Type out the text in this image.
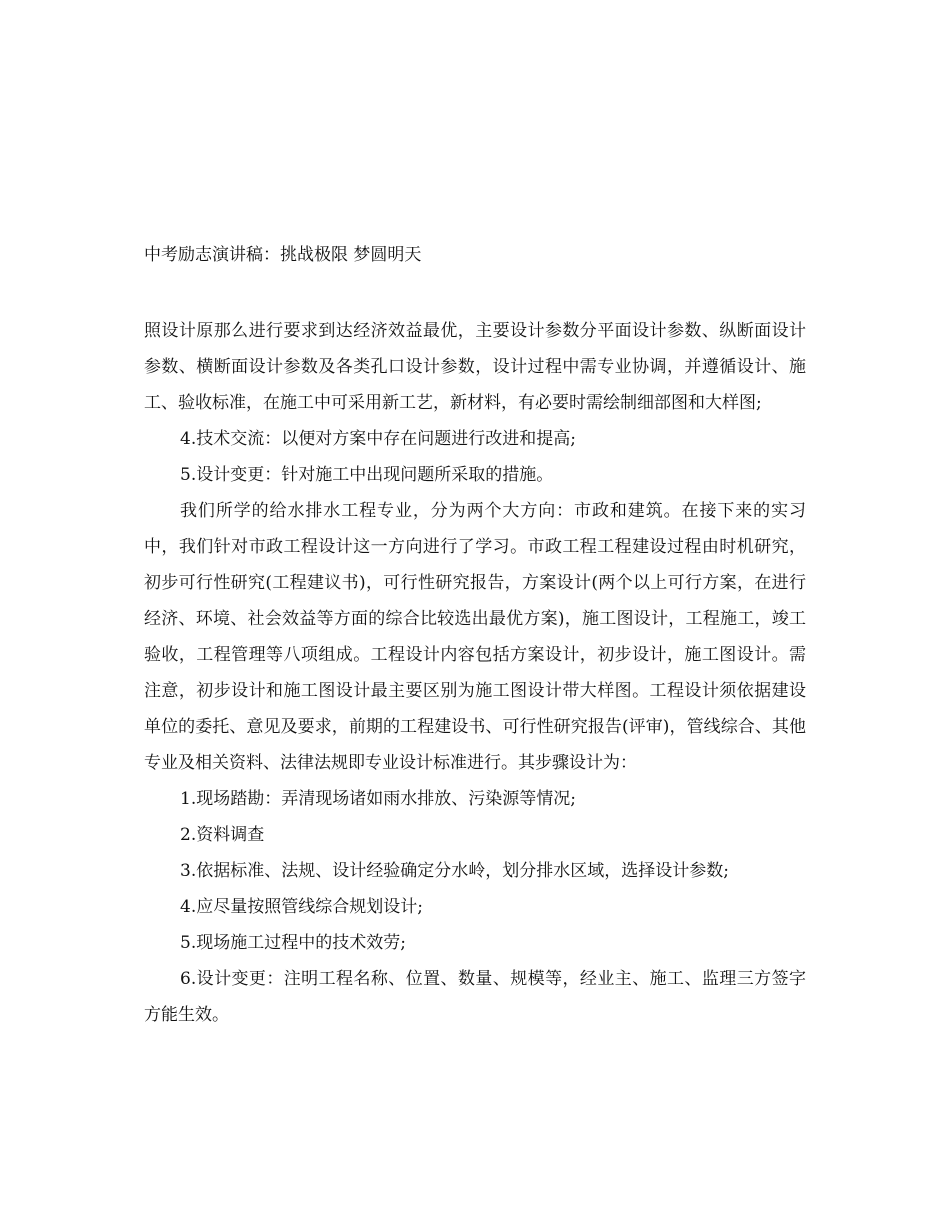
中考励志演讲稿：挑战极限 梦圆明天

照设计原那么进行要求到达经济效益最优，主要设计参数分平面设计参数、纵断面设计参数、横断面设计参数及各类孔口设计参数，设计过程中需专业协调，并遵循设计、施工、验收标准，在施工中可采用新工艺，新材料，有必要时需绘制细部图和大样图;

4.技术交流：以便对方案中存在问题进行改进和提高;

5.设计变更：针对施工中出现问题所采取的措施。

我们所学的给水排水工程专业，分为两个大方向：市政和建筑。在接下来的实习中，我们针对市政工程设计这一方向进行了学习。市政工程工程建设过程由时机研究，初步可行性研究(工程建议书)，可行性研究报告，方案设计(两个以上可行方案，在进行经济、环境、社会效益等方面的综合比较选出最优方案)，施工图设计，工程施工，竣工验收，工程管理等八项组成。工程设计内容包括方案设计，初步设计，施工图设计。需注意，初步设计和施工图设计最主要区别为施工图设计带大样图。工程设计须依据建设单位的委托、意见及要求，前期的工程建设书、可行性研究报告(评审)，管线综合、其他专业及相关资料、法律法规即专业设计标准进行。其步骤设计为：

1.现场踏勘：弄清现场诸如雨水排放、污染源等情况;

2.资料调查

3.依据标准、法规、设计经验确定分水岭，划分排水区域，选择设计参数;

4.应尽量按照管线综合规划设计;

5.现场施工过程中的技术效劳;

6.设计变更：注明工程名称、位置、数量、规模等，经业主、施工、监理三方签字方能生效。
